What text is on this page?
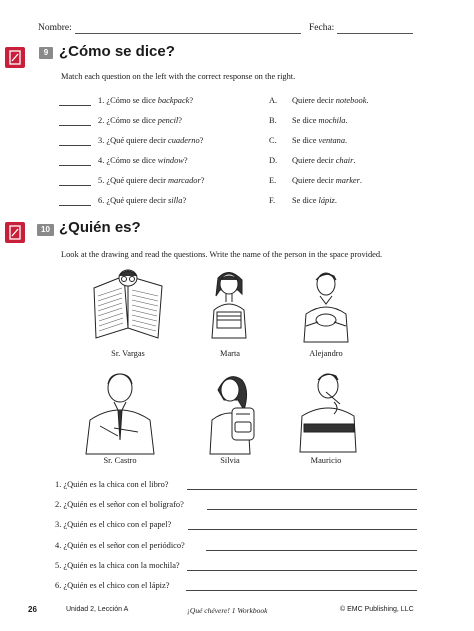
Nombre:	Fecha:
9 ¿Cómo se dice?
Match each question on the left with the correct response on the right.
1. ¿Cómo se dice backpack?	A. Quiere decir notebook.
2. ¿Cómo se dice pencil?	B. Se dice mochila.
3. ¿Qué quiere decir cuaderno?	C. Se dice ventana.
4. ¿Cómo se dice window?	D. Quiere decir chair.
5. ¿Qué quiere decir marcador?	E. Quiere decir marker.
6. ¿Qué quiere decir silla?	F. Se dice lápiz.
10 ¿Quién es?
Look at the drawing and read the questions. Write the name of the person in the space provided.
Sr. Vargas	Marta	Alejandro
Sr. Castro	Silvia	Mauricio
1. ¿Quién es la chica con el libro?
2. ¿Quién es el señor con el bolígrafo?
3. ¿Quién es el chico con el papel?
4. ¿Quién es el señor con el periódico?
5. ¿Quién es la chica con la mochila?
6. ¿Quién es el chico con el lápiz?
26	Unidad 2, Lección A	¡Qué chévere! 1 Workbook	© EMC Publishing, LLC
